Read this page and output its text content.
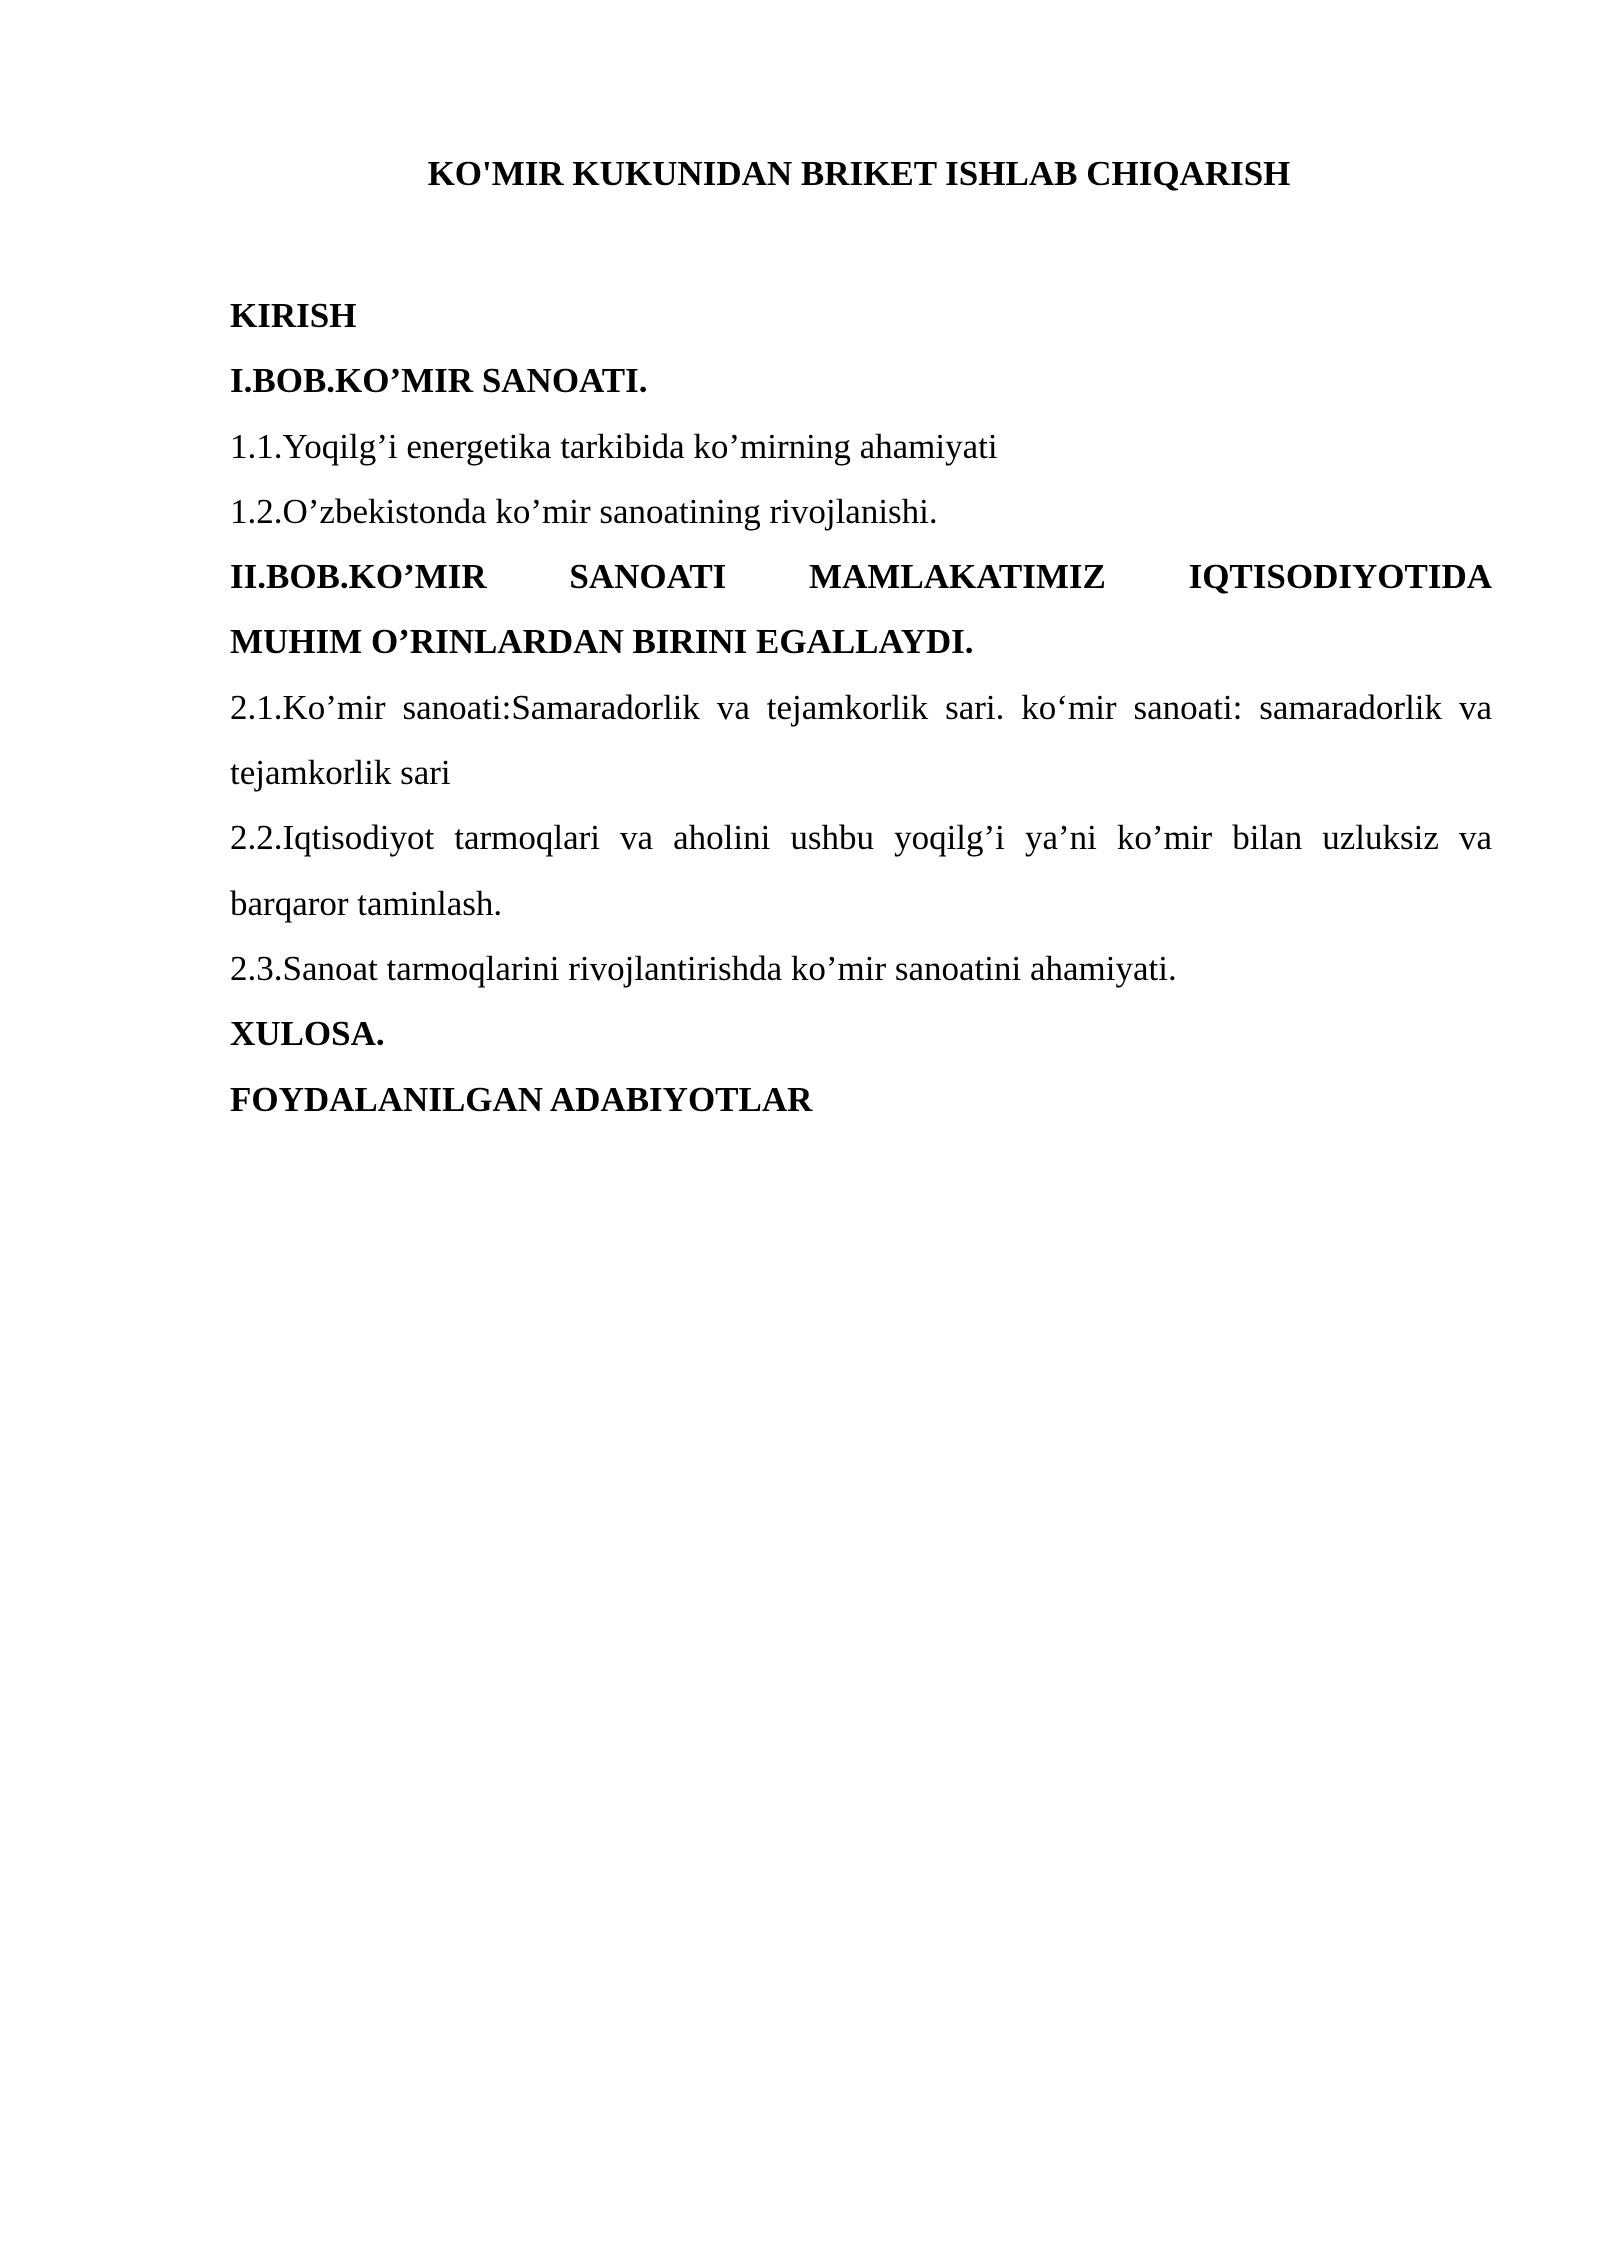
KO'MIR KUKUNIDAN BRIKET ISHLAB CHIQARISH
KIRISH
I.BOB.KO’MIR SANOATI.
1.1.Yoqilg’i energetika tarkibida ko’mirning ahamiyati
1.2.O’zbekistonda ko’mir sanoatining rivojlanishi.
II.BOB.KO’MIR SANOATI MAMLAKATIMIZ IQTISODIYOTIDA
MUHIM O’RINLARDAN BIRINI EGALLAYDI.
2.1.Ko’mir sanoati:Samaradorlik va tejamkorlik sari. ko‘mir sanoati: samaradorlik va tejamkorlik sari
2.2.Iqtisodiyot tarmoqlari va aholini ushbu yoqilg’i ya’ni ko’mir bilan uzluksiz va barqaror taminlash.
2.3.Sanoat tarmoqlarini rivojlantirishda ko’mir sanoatini ahamiyati.
XULOSA.
FOYDALANILGAN ADABIYOTLAR
